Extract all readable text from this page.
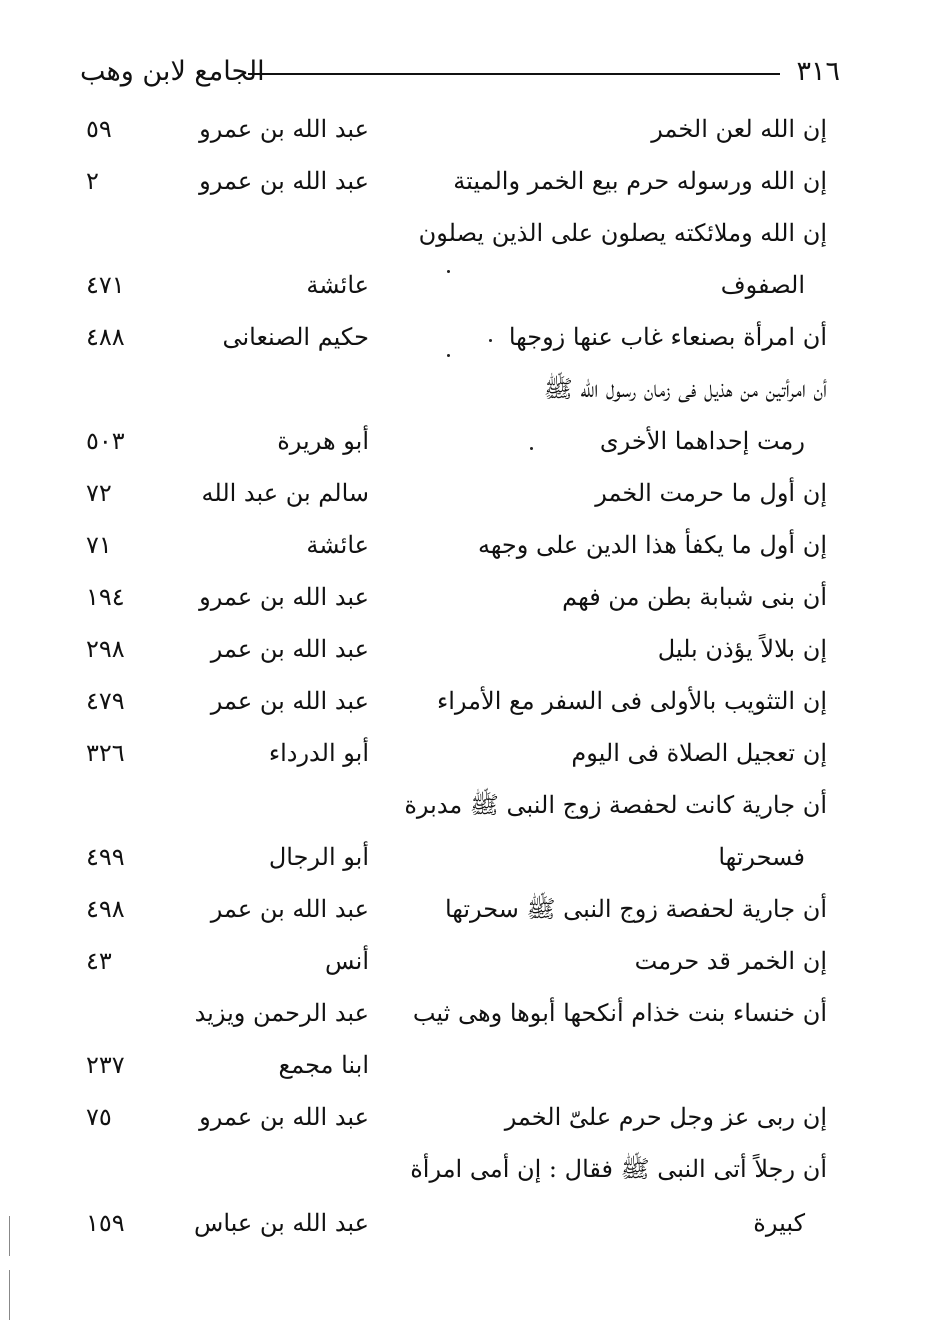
٣١٦
الجامع لابن وهب
إن الله لعن الخمر
عبد الله بن عمرو
٥٩
إن الله ورسوله حرم بيع الخمر والميتة
عبد الله بن عمرو
٢
إن الله وملائكته يصلون على الذين يصلون
الصفوف
عائشة
٤٧١
أن امرأة بصنعاء غاب عنها زوجها
حكيم الصنعانى
٤٨٨
أن امرأتين من هذيل فى زمان رسول الله ﷺ
رمت إحداهما الأخرى
أبو هريرة
٥٠٣
إن أول ما حرمت الخمر
سالم بن عبد الله
٧٢
إن أول ما يكفأ هذا الدين على وجهه
عائشة
٧١
أن بنى شبابة بطن من فهم
عبد الله بن عمرو
١٩٤
إن بلالاً يؤذن بليل
عبد الله بن عمر
٢٩٨
إن التثويب بالأولى فى السفر مع الأمراء
عبد الله بن عمر
٤٧٩
إن تعجيل الصلاة فى اليوم
أبو الدرداء
٣٢٦
أن جارية كانت لحفصة زوج النبى ﷺ مدبرة
فسحرتها
أبو الرجال
٤٩٩
أن جارية لحفصة زوج النبى ﷺ سحرتها
عبد الله بن عمر
٤٩٨
إن الخمر قد حرمت
أنس
٤٣
أن خنساء بنت خذام أنكحها أبوها وهى ثيب
عبد الرحمن ويزيد
ابنا مجمع
٢٣٧
إن ربى عز وجل حرم علىّ الخمر
عبد الله بن عمرو
٧٥
أن رجلاً أتى النبى ﷺ فقال : إن أمى امرأة
كبيرة
عبد الله بن عباس
١٥٩
